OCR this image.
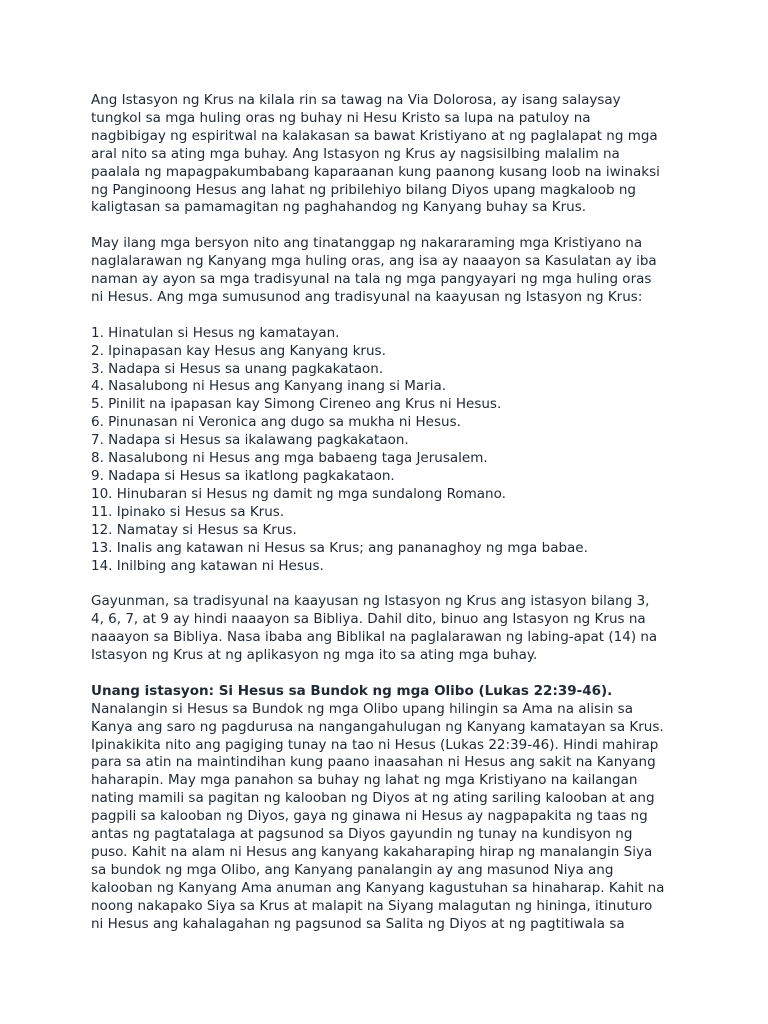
Ang Istasyon ng Krus na kilala rin sa tawag na Via Dolorosa, ay isang salaysay
tungkol sa mga huling oras ng buhay ni Hesu Kristo sa lupa na patuloy na
nagbibigay ng espiritwal na kalakasan sa bawat Kristiyano at ng paglalapat ng mga
aral nito sa ating mga buhay. Ang Istasyon ng Krus ay nagsisilbing malalim na
paalala ng mapagpakumbabang kaparaanan kung paanong kusang loob na iwinaksi
ng Panginoong Hesus ang lahat ng pribilehiyo bilang Diyos upang magkaloob ng
kaligtasan sa pamamagitan ng paghahandog ng Kanyang buhay sa Krus.

May ilang mga bersyon nito ang tinatanggap ng nakararaming mga Kristiyano na
naglalarawan ng Kanyang mga huling oras, ang isa ay naaayon sa Kasulatan ay iba
naman ay ayon sa mga tradisyunal na tala ng mga pangyayari ng mga huling oras
ni Hesus. Ang mga sumusunod ang tradisyunal na kaayusan ng Istasyon ng Krus:

1. Hinatulan si Hesus ng kamatayan.

2. Ipinapasan kay Hesus ang Kanyang krus.

3. Nadapa si Hesus sa unang pagkakataon.

4. Nasalubong ni Hesus ang Kanyang inang si Maria.

5. Pinilit na ipapasan kay Simong Cireneo ang Krus ni Hesus.

6. Pinunasan ni Veronica ang dugo sa mukha ni Hesus.

7. Nadapa si Hesus sa ikalawang pagkakataon.

8. Nasalubong ni Hesus ang mga babaeng taga Jerusalem.

9. Nadapa si Hesus sa ikatlong pagkakataon.

10. Hinubaran si Hesus ng damit ng mga sundalong Romano.

11. Ipinako si Hesus sa Krus.

12. Namatay si Hesus sa Krus.

13. Inalis ang katawan ni Hesus sa Krus; ang pananaghoy ng mga babae.

14. Inilbing ang katawan ni Hesus.

Gayunman, sa tradisyunal na kaayusan ng Istasyon ng Krus ang istasyon bilang 3,
4, 6, 7, at 9 ay hindi naaayon sa Bibliya. Dahil dito, binuo ang Istasyon ng Krus na
naaayon sa Bibliya. Nasa ibaba ang Biblikal na paglalarawan ng labing-apat (14) na
Istasyon ng Krus at ng aplikasyon ng mga ito sa ating mga buhay.

Unang istasyon: Si Hesus sa Bundok ng mga Olibo (Lukas 22:39-46).

Nanalangin si Hesus sa Bundok ng mga Olibo upang hilingin sa Ama na alisin sa
Kanya ang saro ng pagdurusa na nangangahulugan ng Kanyang kamatayan sa Krus.
Ipinakikita nito ang pagiging tunay na tao ni Hesus (Lukas 22:39-46). Hindi mahirap
para sa atin na maintindihan kung paano inaasahan ni Hesus ang sakit na Kanyang
haharapin. May mga panahon sa buhay ng lahat ng mga Kristiyano na kailangan
nating mamili sa pagitan ng kalooban ng Diyos at ng ating sariling kalooban at ang
pagpili sa kalooban ng Diyos, gaya ng ginawa ni Hesus ay nagpapakita ng taas ng
antas ng pagtatalaga at pagsunod sa Diyos gayundin ng tunay na kundisyon ng
puso. Kahit na alam ni Hesus ang kanyang kakaharaping hirap ng manalangin Siya
sa bundok ng mga Olibo, ang Kanyang panalangin ay ang masunod Niya ang
kalooban ng Kanyang Ama anuman ang Kanyang kagustuhan sa hinaharap. Kahit na
noong nakapako Siya sa Krus at malapit na Siyang malagutan ng hininga, itinuturo
ni Hesus ang kahalagahan ng pagsunod sa Salita ng Diyos at ng pagtitiwala sa
